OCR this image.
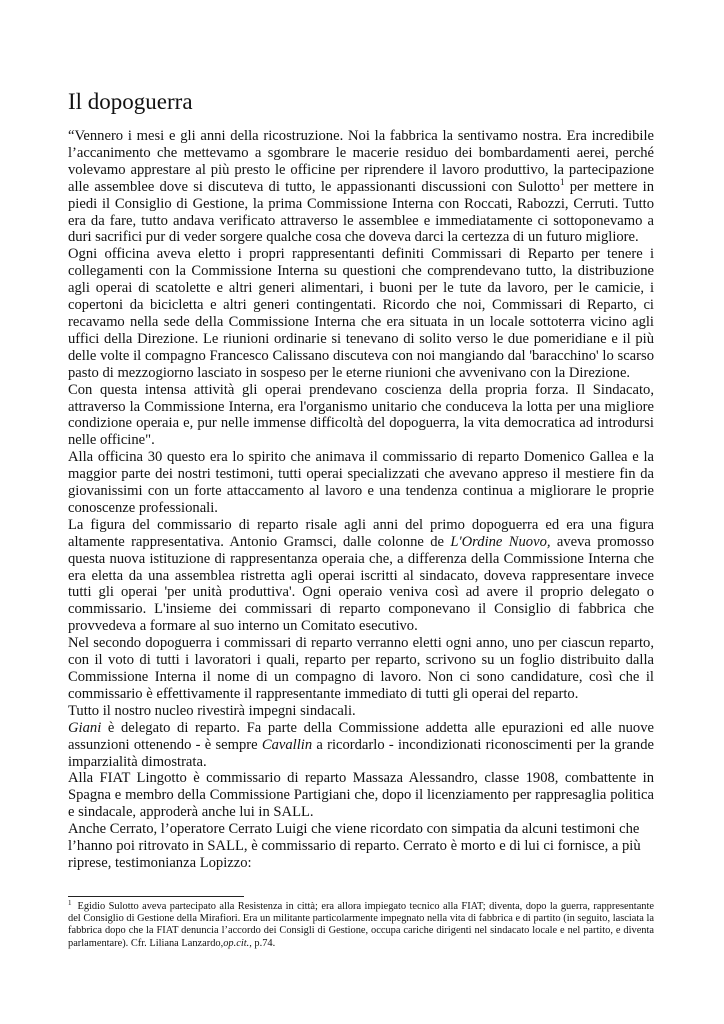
Il dopoguerra

“Vennero i mesi e gli anni della ricostruzione. Noi la fabbrica la sentivamo nostra. Era incredibile l’accanimento che mettevamo a sgombrare le macerie residuo dei bombardamenti aerei, perché volevamo apprestare al più presto le officine per riprendere il lavoro produttivo, la partecipazione alle assemblee dove si discuteva di tutto, le appassionanti discussioni con Sulotto$^1$ per mettere in piedi il Consiglio di Gestione, la prima Commissione Interna con Roccati, Rabozzi, Cerruti. Tutto era da fare, tutto andava verificato attraverso le assemblee e immediatamente ci sottoponevamo a duri sacrifici pur di veder sorgere qualche cosa che doveva darci la certezza di un futuro migliore.

Ogni officina aveva eletto i propri rappresentanti definiti Commissari di Reparto per tenere i collegamenti con la Commissione Interna su questioni che comprendevano tutto, la distribuzione agli operai di scatolette e altri generi alimentari, i buoni per le tute da lavoro, per le camicie, i copertoni da bicicletta e altri generi contingentati. Ricordo che noi, Commissari di Reparto, ci recavamo nella sede della Commissione Interna che era situata in un locale sottoterra vicino agli uffici della Direzione. Le riunioni ordinarie si tenevano di solito verso le due pomeridiane e il più delle volte il compagno Francesco Calissano discuteva con noi mangiando dal 'baracchino' lo scarso pasto di mezzogiorno lasciato in sospeso per le eterne riunioni che avvenivano con la Direzione.

Con questa intensa attività gli operai prendevano coscienza della propria forza. Il Sindacato, attraverso la Commissione Interna, era l'organismo unitario che conduceva la lotta per una migliore condizione operaia e, pur nelle immense difficoltà del dopoguerra, la vita democratica ad introdursi nelle officine".

Alla officina 30 questo era lo spirito che animava il commissario di reparto Domenico Gallea e la maggior parte dei nostri testimoni, tutti operai specializzati che avevano appreso il mestiere fin da giovanissimi con un forte attaccamento al lavoro e una tendenza continua a migliorare le proprie conoscenze professionali.

La figura del commissario di reparto risale agli anni del primo dopoguerra ed era una figura altamente rappresentativa. Antonio Gramsci, dalle colonne de L'Ordine Nuovo, aveva promosso questa nuova istituzione di rappresentanza operaia che, a differenza della Commissione Interna che era eletta da una assemblea ristretta agli operai iscritti al sindacato, doveva rappresentare invece tutti gli operai 'per unità produttiva'. Ogni operaio veniva così ad avere il proprio delegato o commissario. L'insieme dei commissari di reparto componevano il Consiglio di fabbrica che provvedeva a formare al suo interno un Comitato esecutivo.

Nel secondo dopoguerra i commissari di reparto verranno eletti ogni anno, uno per ciascun reparto, con il voto di tutti i lavoratori i quali, reparto per reparto, scrivono su un foglio distribuito dalla Commissione Interna il nome di un compagno di lavoro. Non ci sono candidature, così che il commissario è effettivamente il rappresentante immediato di tutti gli operai del reparto.

Tutto il nostro nucleo rivestirà impegni sindacali.

Giani è delegato di reparto. Fa parte della Commissione addetta alle epurazioni ed alle nuove assunzioni ottenendo - è sempre Cavallin a ricordarlo - incondizionati riconoscimenti per la grande imparzialità dimostrata.

Alla FIAT Lingotto è commissario di reparto Massaza Alessandro, classe 1908, combattente in Spagna e membro della Commissione Partigiani che, dopo il licenziamento per rappresaglia politica e sindacale, approderà anche lui in SALL.

Anche Cerrato, l’operatore Cerrato Luigi che viene ricordato con simpatia da alcuni testimoni che l’hanno poi ritrovato in SALL, è commissario di reparto. Cerrato è morto e di lui ci fornisce, a più riprese, testimonianza Lopizzo:

$^1$ Egidio Sulotto aveva partecipato alla Resistenza in città; era allora impiegato tecnico alla FIAT; diventa, dopo la guerra, rappresentante del Consiglio di Gestione della Mirafiori. Era un militante particolarmente impegnato nella vita di fabbrica e di partito (in seguito, lasciata la fabbrica dopo che la FIAT denuncia l’accordo dei Consigli di Gestione, occupa cariche dirigenti nel sindacato locale e nel partito, e diventa parlamentare). Cfr. Liliana Lanzardo,op.cit., p.74.
